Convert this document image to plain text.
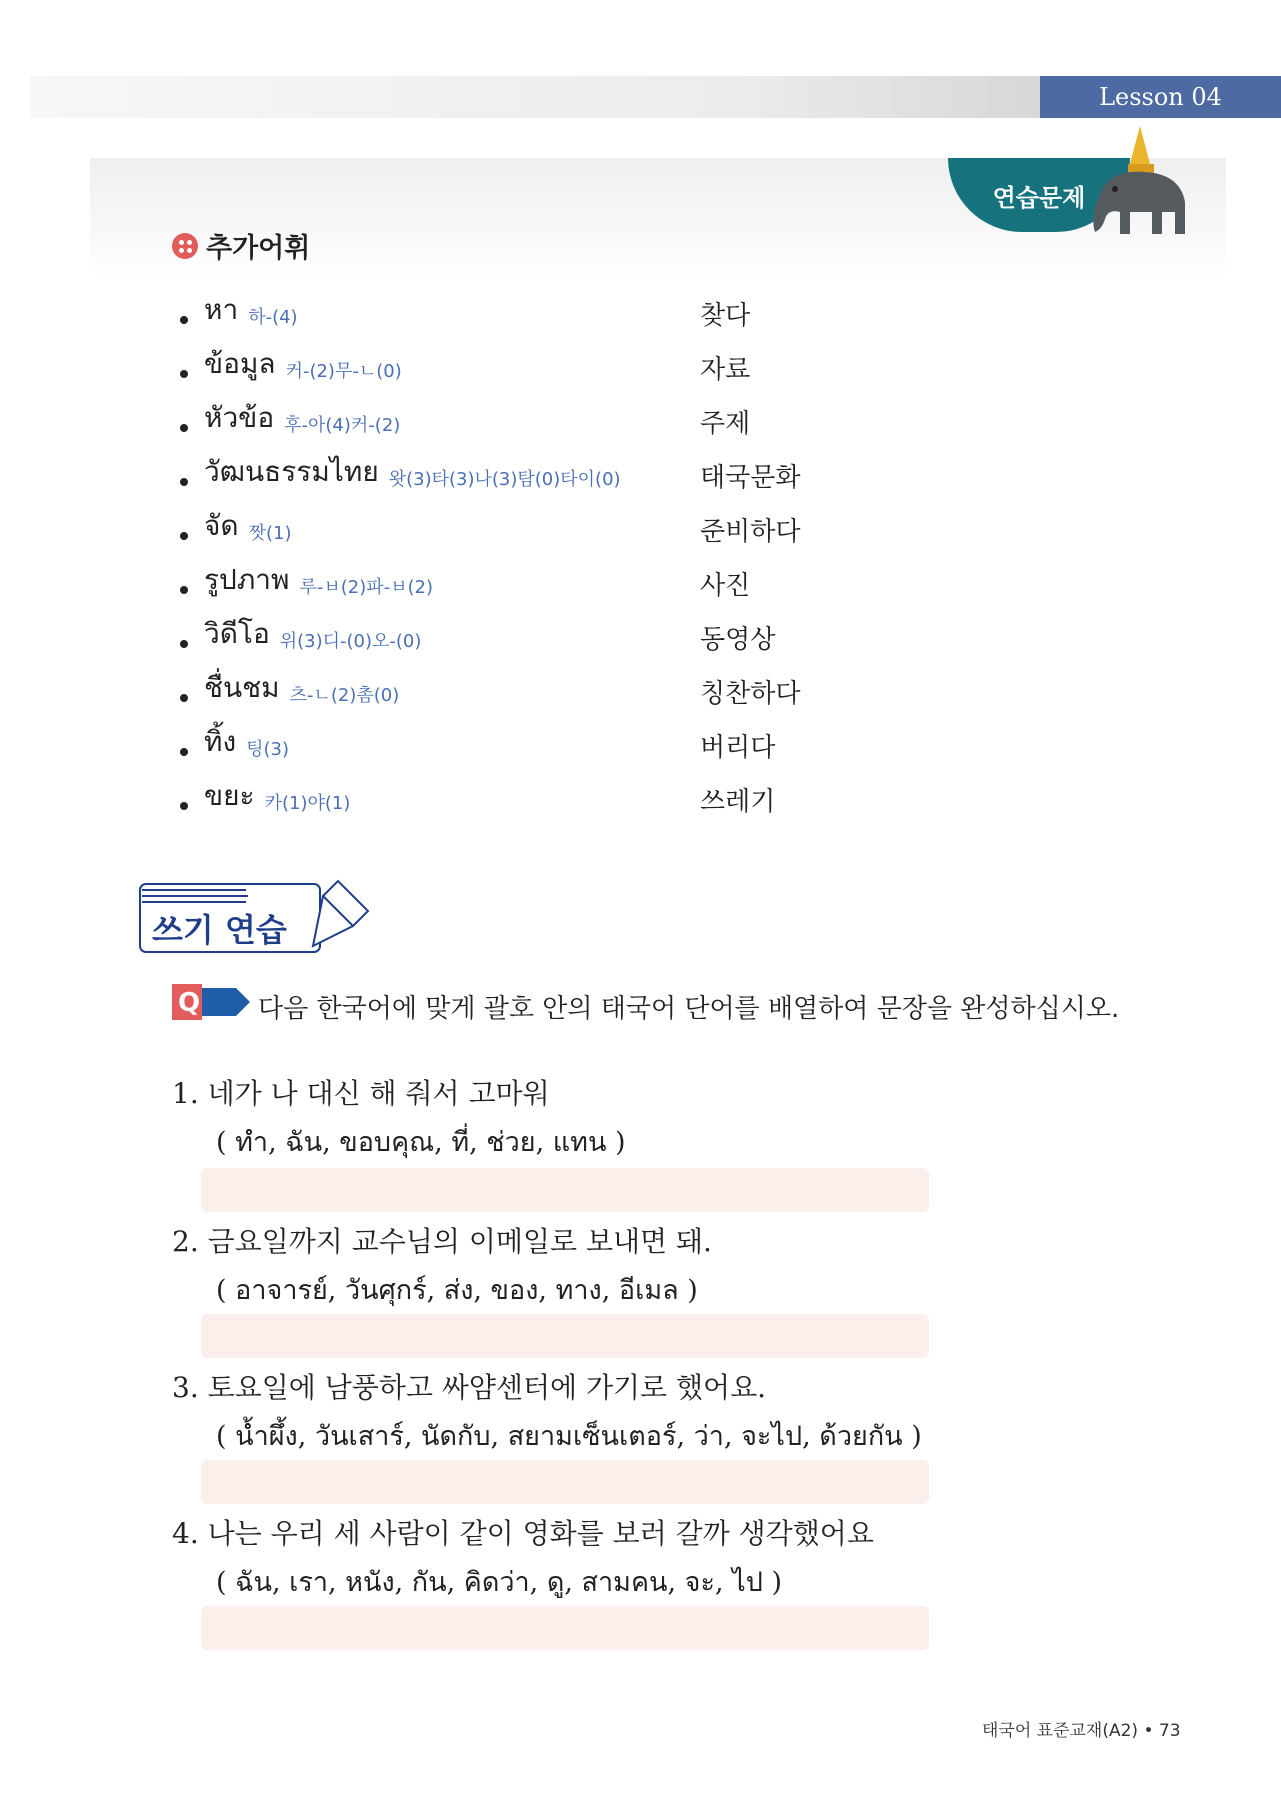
Lesson 04
연습문제
추가어휘
หา 하-(4)	찾다
ข้อมูล 커-(2)무-ㄴ(0)	자료
หัวข้อ 후-아(4)커-(2)	주제
วัฒนธรรมไทย 왓(3)타(3)나(3)탐(0)타이(0)	태국문화
จัด 짯(1)	준비하다
รูปภาพ 루-ㅂ(2)파-ㅂ(2)	사진
วิดีโอ 위(3)디-(0)오-(0)	동영상
ชื่นชม 츠-ㄴ(2)촘(0)	칭찬하다
ทิ้ง 팅(3)	버리다
ขยะ 카(1)야(1)	쓰레기
쓰기 연습
Q 다음 한국어에 맞게 괄호 안의 태국어 단어를 배열하여 문장을 완성하십시오.
1. 네가 나 대신 해 줘서 고마워
( ทำ, ฉัน, ขอบคุณ, ที่, ช่วย, แทน )
2. 금요일까지 교수님의 이메일로 보내면 돼.
( อาจารย์, วันศุกร์, ส่ง, ของ, ทาง, อีเมล )
3. 토요일에 남풍하고 싸얌센터에 가기로 했어요.
( น้ำผึ้ง, วันเสาร์, นัดกับ, สยามเซ็นเตอร์, ว่า, จะไป, ด้วยกัน )
4. 나는 우리 세 사람이 같이 영화를 보러 갈까 생각했어요
( ฉัน, เรา, หนัง, กัน, คิดว่า, ดู, สามคน, จะ, ไป )
태국어 표준교재(A2) • 73
